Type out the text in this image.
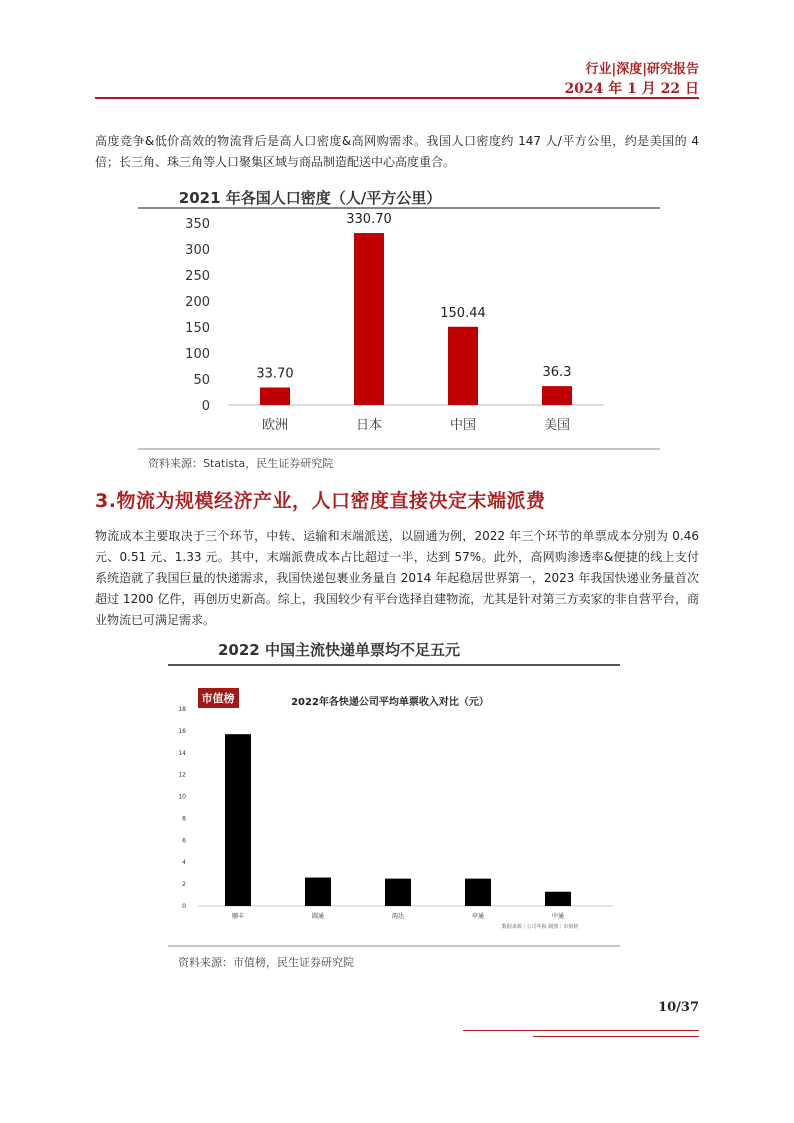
行业|深度|研究报告
2024 年 1 月 22 日

高度竞争&低价高效的物流背后是高人口密度&高网购需求。我国人口密度约 147 人/平方公里，约是美国的 4 倍；长三角、珠三角等人口聚集区域与商品制造配送中心高度重合。

2021 年各国人口密度（人/平方公里）
0
50
100
150
200
250
300
350
33.70
330.70
150.44
36.3
欧洲	日本	中国	美国
资料来源：Statista，民生证券研究院
3.物流为规模经济产业，人口密度直接决定末端派费

物流成本主要取决于三个环节，中转、运输和末端派送，以圆通为例，2022 年三个环节的单票成本分别为 0.46 元、0.51 元、1.33 元。其中，末端派费成本占比超过一半，达到 57%。此外，高网购渗透率&便捷的线上支付系统造就了我国巨量的快递需求，我国快递包裹业务量自 2014 年起稳居世界第一，2023 年我国快递业务量首次超过 1200 亿件，再创历史新高。综上，我国较少有平台选择自建物流，尤其是针对第三方卖家的非自营平台，商业物流已可满足需求。

2022 中国主流快递单票均不足五元
市值榜	2022年各快递公司平均单票收入对比（元）
0
2
4
6
8
10
12
14
16
18
顺丰	圆通	韵达	申通	中通
数据来源｜公司年报 制图｜市值榜
资料来源：市值榜，民生证券研究院
10/37
